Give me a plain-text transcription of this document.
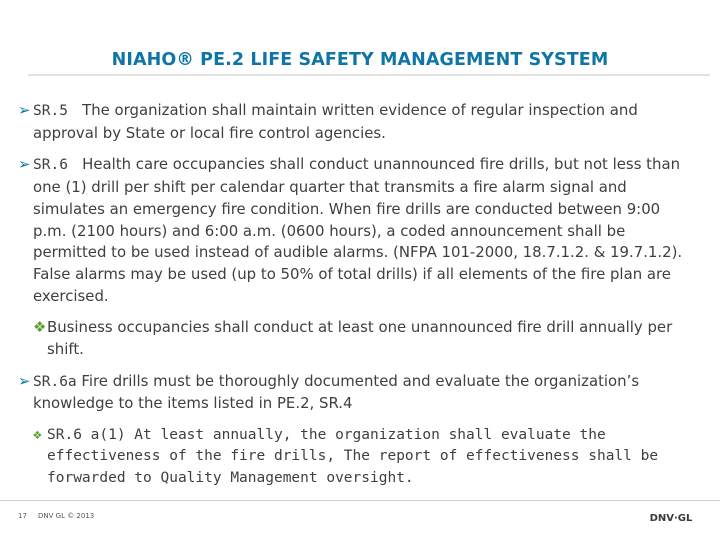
NIAHO® PE.2 LIFE SAFETY MANAGEMENT SYSTEM
➢ SR.5 The organization shall maintain written evidence of regular inspection and approval by State or local fire control agencies.
➢ SR.6 Health care occupancies shall conduct unannounced fire drills, but not less than one (1) drill per shift per calendar quarter that transmits a fire alarm signal and simulates an emergency fire condition. When fire drills are conducted between 9:00 p.m. (2100 hours) and 6:00 a.m. (0600 hours), a coded announcement shall be permitted to be used instead of audible alarms. (NFPA 101-2000, 18.7.1.2. & 19.7.1.2). False alarms may be used (up to 50% of total drills) if all elements of the fire plan are exercised.
❖ Business occupancies shall conduct at least one unannounced fire drill annually per shift.
➢ SR.6a Fire drills must be thoroughly documented and evaluate the organization’s knowledge to the items listed in PE.2, SR.4
❖ SR.6 a(1) At least annually, the organization shall evaluate the effectiveness of the fire drills, The report of effectiveness shall be forwarded to Quality Management oversight.
17 DNV GL © 2013	DNV·GL
